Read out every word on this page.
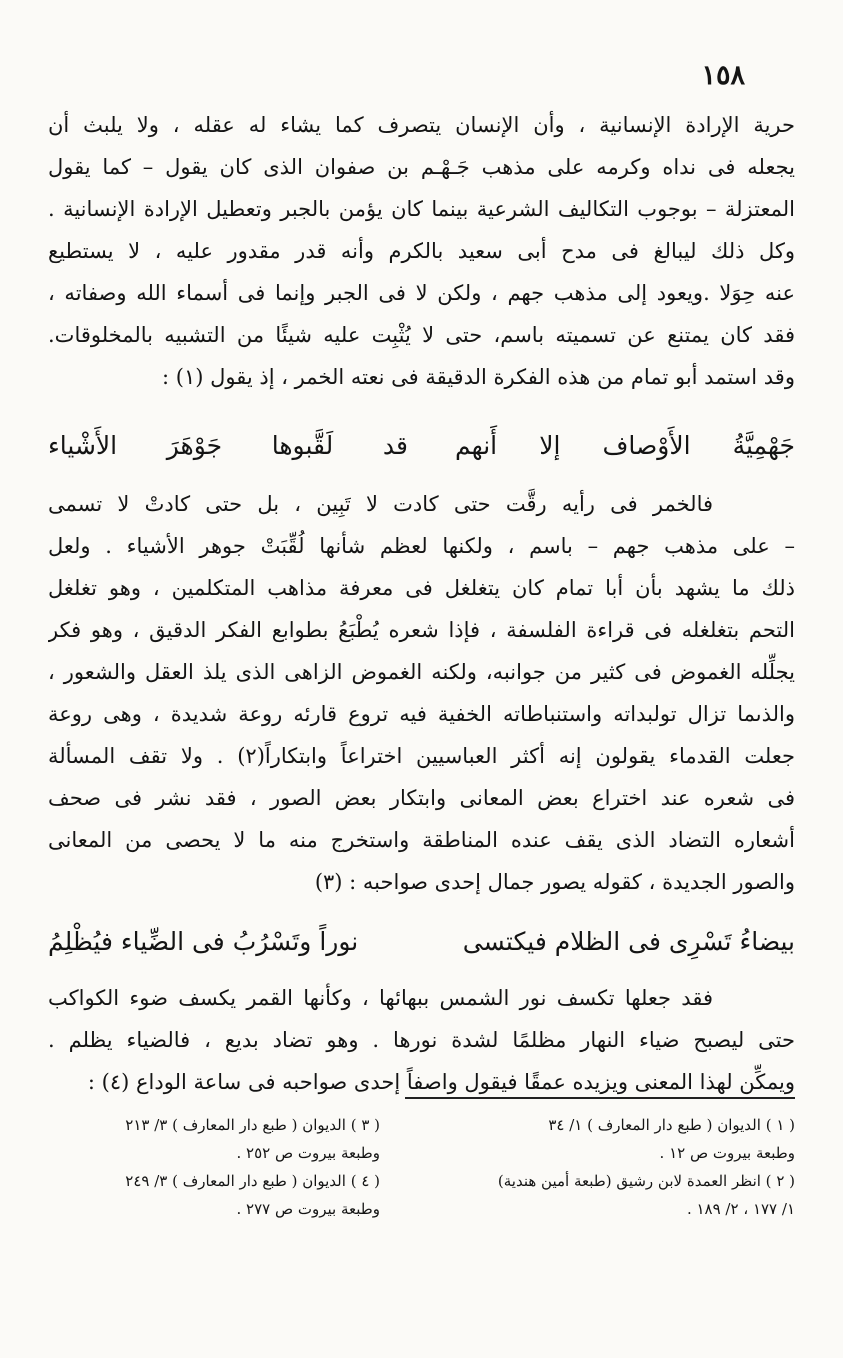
١٥٨
حرية الإرادة الإنسانية ، وأن الإنسان يتصرف كما يشاء له عقله ، ولا يلبث أن
يجعله فى نداه وكرمه على مذهب جَـهْـم بن صفوان الذى كان يقول – كما يقول
المعتزلة – بوجوب التكاليف الشرعية بينما كان يؤمن بالجبر وتعطيل الإرادة الإنسانية .
وكل ذلك ليبالغ فى مدح أبى سعيد بالكرم وأنه قدر مقدور عليه ، لا يستطيع
عنه حِوَلا .ويعود إلى مذهب جهم ، ولكن لا فى الجبر وإنما فى أسماء الله وصفاته ،
فقد كان يمتنع عن تسميته باسم، حتى لا يُثْبِت عليه شيئًا من التشبيه بالمخلوقات.
وقد استمد أبو تمام من هذه الفكرة الدقيقة فى نعته الخمر ، إذ يقول (١) :
جَهْمِيَّةُ
الأَوْصاف
إلا
أَنهم
قد
لَقَّبوها
جَوْهَرَ
الأَشْياء
فالخمر فى رأيه رقَّت حتى كادت لا تَبِين ، بل حتى كادتْ لا تسمى
– على مذهب جهم – باسم ، ولكنها لعظم شأنها لُقِّبَتْ جوهر الأشياء . ولعل
ذلك ما يشهد بأن أبا تمام كان يتغلغل فى معرفة مذاهب المتكلمين ، وهو تغلغل
التحم بتغلغله فى قراءة الفلسفة ، فإذا شعره يُطْبَعُ بطوابع الفكر الدقيق ، وهو فكر
يجلِّله الغموض فى كثير من جوانبه، ولكنه الغموض الزاهى الذى يلذ العقل والشعور ،
والذىما تزال تولبداته واستنباطاته الخفية فيه تروع قارئه روعة شديدة ، وهى روعة
جعلت القدماء يقولون إنه أكثر العباسيين اختراعاً وابتكاراً(٢) . ولا تقف المسألة
فى شعره عند اختراع بعض المعانى وابتكار بعض الصور ، فقد نشر فى صحف
أشعاره التضاد الذى يقف عنده المناطقة واستخرج منه ما لا يحصى من المعانى
والصور الجديدة ، كقوله يصور جمال إحدى صواحبه : (٣)
بيضاءُ تَسْرِى فى الظلام فيكتسى
نوراً وتَسْرُبُ فى الضِّياء فيُظْلِمُ
فقد جعلها تكسف نور الشمس ببهائها ، وكأنها القمر يكسف ضوء الكواكب
حتى ليصبح ضياء النهار مظلمًا لشدة نورها . وهو تضاد بديع ، فالضياء يظلم .
ويمكِّن لهذا المعنى ويزيده عمقًا فيقول واصفاً إحدى صواحبه فى ساعة الوداع (٤) :
( ١ ) الديوان ( طبع دار المعارف ) ١/ ٣٤
وطبعة بيروت ص ١٢ .
( ٢ ) انظر العمدة لابن رشيق (طبعة أمين هندية)
١/ ١٧٧ ، ٢/ ١٨٩ .
( ٣ ) الديوان ( طبع دار المعارف ) ٣/ ٢١٣
وطبعة بيروت ص ٢٥٢ .
( ٤ ) الديوان ( طبع دار المعارف ) ٣/ ٢٤٩
وطبعة بيروت ص ٢٧٧ .
